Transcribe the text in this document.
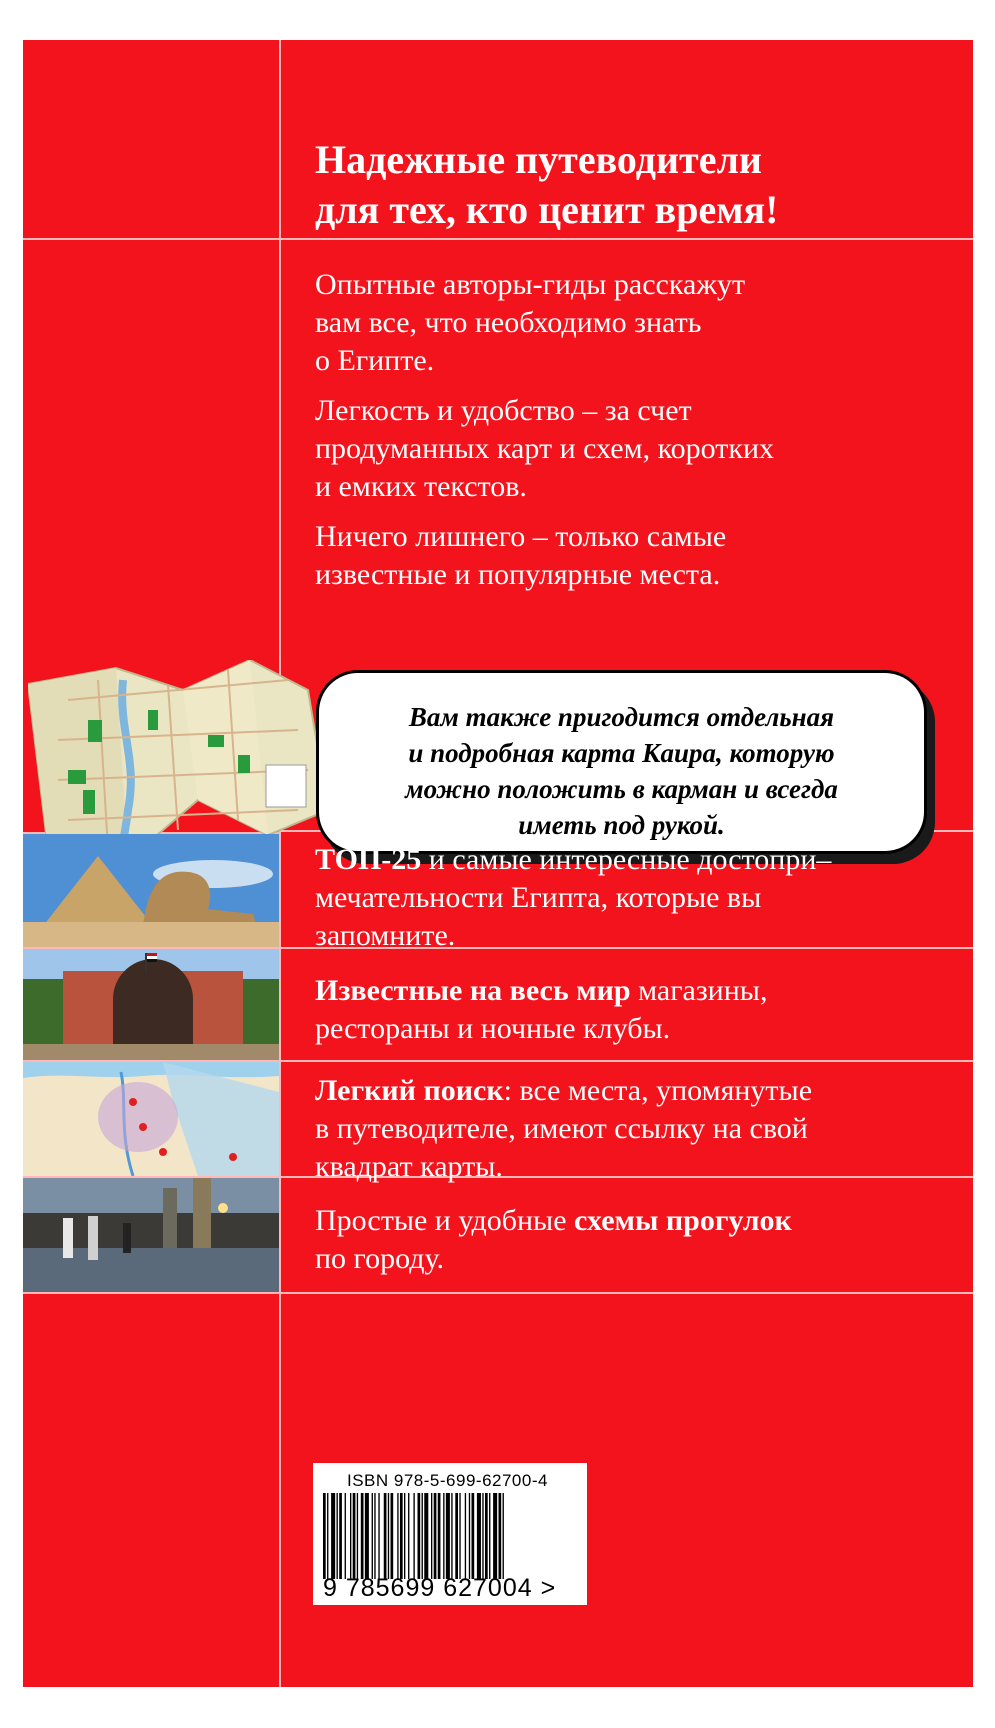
Надежные путеводители
для тех, кто ценит время!
Опытные авторы-гиды расскажут
вам все, что необходимо знать
о Египте.
Легкость и удобство – за счет
продуманных карт и схем, коротких
и емких текстов.
Ничего лишнего – только самые
известные и популярные места.
Вам также пригодится отдельная
и подробная карта Каира, которую
можно положить в карман и всегда
иметь под рукой.
ТОП-25 и самые интересные достопри–
мечательности Египта, которые вы
запомните.
Известные на весь мир магазины,
рестораны и ночные клубы.
Легкий поиск: все места, упомянутые
в путеводителе, имеют ссылку на свой
квадрат карты.
Простые и удобные схемы прогулок
по городу.
ISBN 978-5-699-62700-4
9 785699 627004 >
